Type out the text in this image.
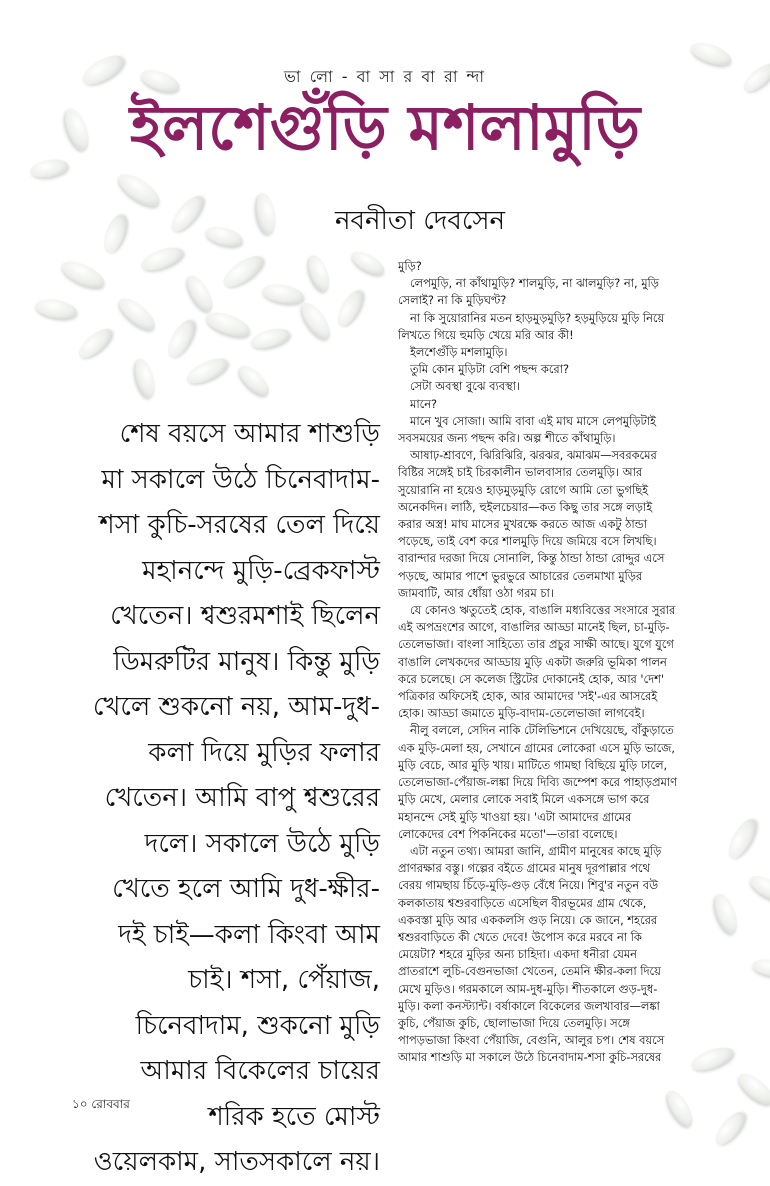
ভা লো - বা সা র বা রা ন্দা
ইলশেগুঁড়ি মশলামুড়ি
নবনীতা দেবসেন
শেষ বয়সে আমার শাশুড়ি
মা সকালে উঠে চিনেবাদাম-
শসা কুচি-সরষের তেল দিয়ে
মহানন্দে মুড়ি-ব্রেকফাস্ট
খেতেন। শ্বশুরমশাই ছিলেন
ডিমরুটির মানুষ। কিন্তু মুড়ি
খেলে শুকনো নয়, আম-দুধ-
কলা দিয়ে মুড়ির ফলার
খেতেন। আমি বাপু শ্বশুরের
দলে। সকালে উঠে মুড়ি
খেতে হলে আমি দুধ-ক্ষীর-
দই চাই—কলা কিংবা আম
চাই। শসা, পেঁয়াজ,
চিনেবাদাম, শুকনো মুড়ি
আমার বিকেলের চায়ের
শরিক হতে মোস্ট
ওয়েলকাম, সাতসকালে নয়।
মুড়ি?
লেপমুড়ি, না কাঁথামুড়ি? শালমুড়ি, না ঝালমুড়ি? না, মুড়ি
সেলাই? না কি মুড়িঘণ্ট?
না কি সুয়োরানির মতন হাড়মুড়মুড়ি? হড়মুড়িয়ে মুড়ি নিয়ে
লিখতে গিয়ে হুমড়ি খেয়ে মরি আর কী!
ইলশেগুঁড়ি মশলামুড়ি।
তুমি কোন মুড়িটা বেশি পছন্দ করো?
সেটা অবস্থা বুঝে ব্যবস্থা।
মানে?
মানে খুব সোজা। আমি বাবা এই মাঘ মাসে লেপমুড়িটাই
সবসময়ের জন্য পছন্দ করি। অল্প শীতে কাঁথামুড়ি।
আষাঢ়-শ্রাবণে, ঝিরিঝিরি, ঝরঝর, ঝমাঝম—সবরকমের
বিষ্টির সঙ্গেই চাই চিরকালীন ভালবাসার তেলমুড়ি। আর
সুয়োরানি না হয়েও হাড়মুড়মুড়ি রোগে আমি তো ভুগছিই
অনেকদিন। লাঠি, হুইলচেয়ার—কত কিছু তার সঙ্গে লড়াই
করার অস্ত্র! মাঘ মাসের মুখরক্ষে করতে আজ একটু ঠান্ডা
পড়েছে, তাই বেশ করে শালমুড়ি দিয়ে জমিয়ে বসে লিখছি।
বারান্দার দরজা দিয়ে সোনালি, কিন্তু ঠান্ডা ঠান্ডা রোদ্দুর এসে
পড়ছে, আমার পাশে ভুরভুরে আচারের তেলমাখা মুড়ির
জামবাটি, আর ধোঁয়া ওঠা গরম চা।
যে কোনও ঋতুতেই হোক, বাঙালি মধ্যবিত্তের সংসারে সুরার
এই অপভ্রংশের আগে, বাঙালির আড্ডা মানেই ছিল, চা-মুড়ি-
তেলেভাজা। বাংলা সাহিত্যে তার প্রচুর সাক্ষী আছে। যুগে যুগে
বাঙালি লেখকদের আড্ডায় মুড়ি একটা জরুরি ভূমিকা পালন
করে চলেছে। সে কলেজ স্ট্রিটের দোকানেই হোক, আর 'দেশ'
পত্রিকার অফিসেই হোক, আর আমাদের 'সই'-এর আসরেই
হোক। আড্ডা জমাতে মুড়ি-বাদাম-তেলেভাজা লাগবেই।
নীলু বললে, সেদিন নাকি টেলিভিশনে দেখিয়েছে, বাঁকুড়াতে
এক মুড়ি-মেলা হয়, সেখানে গ্রামের লোকেরা এসে মুড়ি ভাজে,
মুড়ি বেচে, আর মুড়ি খায়। মাটিতে গামছা বিছিয়ে মুড়ি ঢালে,
তেলেভাজা-পেঁয়াজ-লঙ্কা দিয়ে দিব্যি জম্পেশ করে পাহাড়প্রমাণ
মুড়ি মেখে, মেলার লোকে সবাই মিলে একসঙ্গে ভাগ করে
মহানন্দে সেই মুড়ি খাওয়া হয়। 'এটা আমাদের গ্রামের
লোকেদের বেশ পিকনিকের মতো'—তারা বলেছে।
এটা নতুন তথ্য। আমরা জানি, গ্রামীণ মানুষের কাছে মুড়ি
প্রাণরক্ষার বস্তু। গল্পের বইতে গ্রামের মানুষ দূরপাল্লার পথে
বেরয় গামছায় চিঁড়ে-মুড়ি-গুড় বেঁধে নিয়ে। শিবু'র নতুন বউ
কলকাতায় শ্বশুরবাড়িতে এসেছিল বীরভূমের গ্রাম থেকে,
একবস্তা মুড়ি আর এককলসি গুড় নিয়ে। কে জানে, শহরের
শ্বশুরবাড়িতে কী খেতে দেবে! উপোস করে মরবে না কি
মেয়েটা? শহরে মুড়ির অন্য চাহিদা। একদা ধনীরা যেমন
প্রাতরাশে লুচি-বেগুনভাজা খেতেন, তেমনি ক্ষীর-কলা দিয়ে
মেখে মুড়িও। গরমকালে আম-দুধ-মুড়ি। শীতকালে গুড়-দুধ-
মুড়ি। কলা কনস্ট্যান্ট। বর্ষাকালে বিকেলের জলখাবার—লঙ্কা
কুচি, পেঁয়াজ কুচি, ছোলাভাজা দিয়ে তেলমুড়ি। সঙ্গে
পাপড়ভাজা কিংবা পেঁয়াজি, বেগুনি, আলুর চপ। শেষ বয়সে
আমার শাশুড়ি মা সকালে উঠে চিনেবাদাম-শসা কুচি-সরষের
১০ রোববার
